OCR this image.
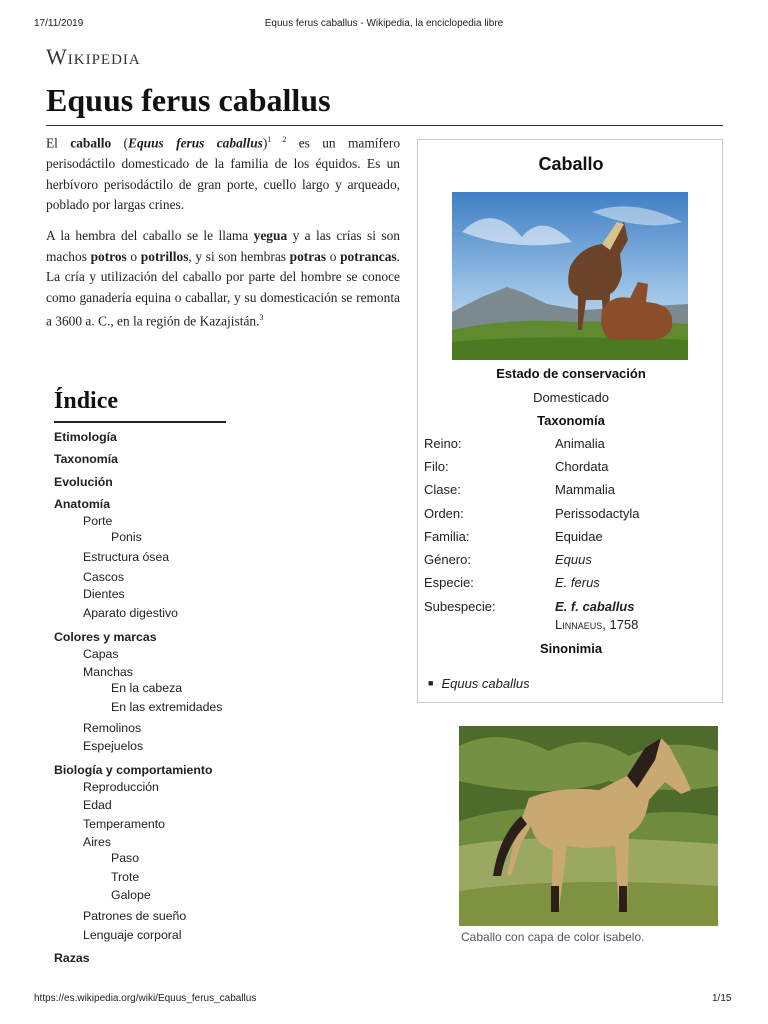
17/11/2019	Equus ferus caballus - Wikipedia, la enciclopedia libre
Wikipedia
Equus ferus caballus

El caballo (Equus ferus caballus)$^{1 2}$ es un mamífero perisodáctilo domesticado de la familia de los équidos. Es un herbívoro perisodáctilo de gran porte, cuello largo y arqueado, poblado por largas crines.

A la hembra del caballo se le llama yegua y a las crías si son machos potros o potrillos, y si son hembras potras o potrancas. La cría y utilización del caballo por parte del hombre se conoce como ganadería equina o caballar, y su domesticación se remonta a 3600 a. C., en la región de Kazajistán.$^3$

Caballo
Estado de conservación
Domesticado
Taxonomía
Reino:	Animalia
Filo:	Chordata
Clase:	Mammalia
Orden:	Perissodactyla
Familia:	Equidae
Género:	Equus
Especie:	E. ferus
Subespecie:	E. f. caballus
Linnaeus, 1758
Sinonimia
■ Equus caballus
Índice
Etimología
Taxonomía
Evolución
Anatomía
Porte
Ponis
Estructura ósea
Cascos
Dientes
Aparato digestivo
Colores y marcas
Capas
Manchas
En la cabeza
En las extremidades
Remolinos
Espejuelos
Biología y comportamiento
Reproducción
Edad
Temperamento
Aires
Paso
Trote
Galope
Patrones de sueño
Lenguaje corporal
Razas
Caballo con capa de color isabelo.
https://es.wikipedia.org/wiki/Equus_ferus_caballus	1/15
